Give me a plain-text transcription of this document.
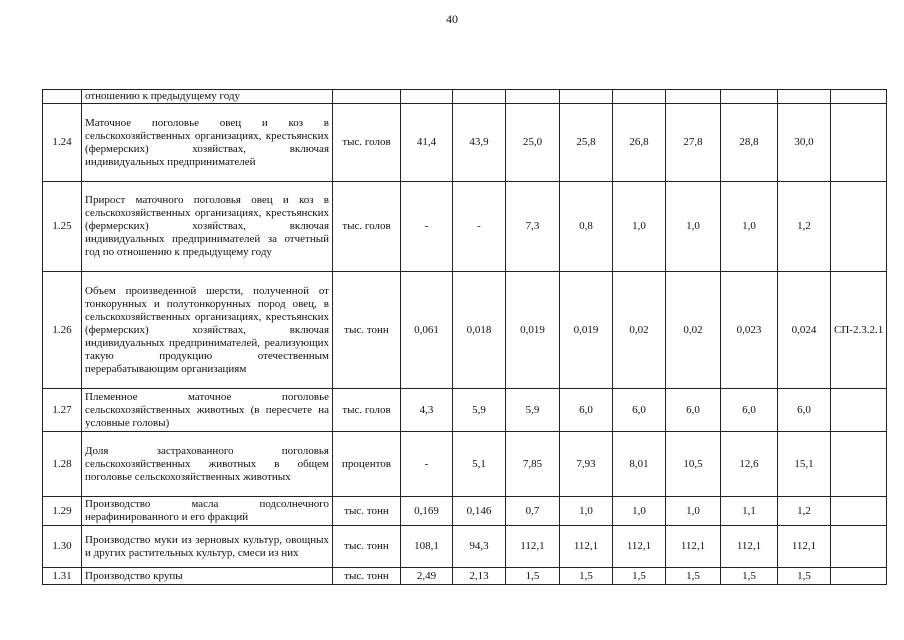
40
	отношению к предыдущему году										
1.24	Маточное поголовье овец и коз в сельскохозяйственных организациях, крестьянских (фермерских) хозяйствах, включая индивидуальных предпринимателей	тыс. голов	41,4	43,9	25,0	25,8	26,8	27,8	28,8	30,0	
1.25	Прирост маточного поголовья овец и коз в сельскохозяйственных организациях, крестьянских (фермерских) хозяйствах, включая индивидуальных предпринимателей за отчетный год по отношению к предыдущему году	тыс. голов	-	-	7,3	0,8	1,0	1,0	1,0	1,2	
1.26	Объем произведенной шерсти, полученной от тонкорунных и полутонкорунных пород овец, в сельскохозяйственных организациях, крестьянских (фермерских) хозяйствах, включая индивидуальных предпринимателей, реализующих такую продукцию отечественным перерабатывающим организациям	тыс. тонн	0,061	0,018	0,019	0,019	0,02	0,02	0,023	0,024	СП-2.3.2.1
1.27	Племенное маточное поголовье сельскохозяйственных животных (в пересчете на условные головы)	тыс. голов	4,3	5,9	5,9	6,0	6,0	6,0	6,0	6,0	
1.28	Доля застрахованного поголовья сельскохозяйственных животных в общем поголовье сельскохозяйственных животных	процентов	-	5,1	7,85	7,93	8,01	10,5	12,6	15,1	
1.29	Производство масла подсолнечного нерафинированного и его фракций	тыс. тонн	0,169	0,146	0,7	1,0	1,0	1,0	1,1	1,2	
1.30	Производство муки из зерновых культур, овощных и других растительных культур, смеси из них	тыс. тонн	108,1	94,3	112,1	112,1	112,1	112,1	112,1	112,1	
1.31	Производство крупы	тыс. тонн	2,49	2,13	1,5	1,5	1,5	1,5	1,5	1,5	
